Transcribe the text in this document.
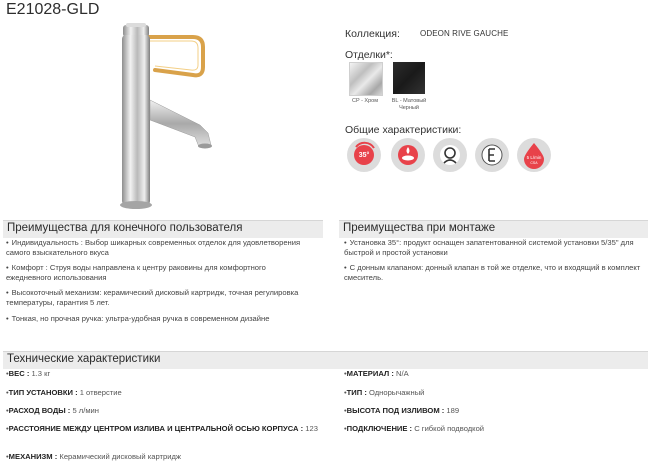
E21028-GLD
Коллекция:	ODEON RIVE GAUCHE
Отделки*:
CP - Хром	BL - Матовый Черный
Общие характеристики:
35°	5 L/min
CSA
Преимущества для конечного пользователя
• Индивидуальность : Выбор шикарных современных отделок для удовлетворения самого взыскательного вкуса
• Комфорт : Струя воды направлена к центру раковины для комфортного ежедневного использования
• Высокоточный механизм: керамический дисковый картридж, точная регулировка температуры, гарантия 5 лет.
• Тонкая, но прочная ручка: ультра-удобная ручка в современном дизайне
Преимущества при монтаже
• Установка 35°: продукт оснащен запатентованной системой установки 5/35" для быстрой и простой установки
• С донным клапаном: донный клапан в той же отделке, что и входящий в комплект смеситель.
Технические характеристики
• ВЕС : 1.3 кг
• ТИП УСТАНОВКИ : 1 отверстие
• РАСХОД ВОДЫ : 5 л/мин
• РАССТОЯНИЕ МЕЖДУ ЦЕНТРОМ ИЗЛИВА И ЦЕНТРАЛЬНОЙ ОСЬЮ КОРПУСА : 123
• МЕХАНИЗМ : Керамический дисковый картридж
• МАТЕРИАЛ : N/A
• ТИП : Однорычажный
• ВЫСОТА ПОД ИЗЛИВОМ : 189
• ПОДКЛЮЧЕНИЕ : С гибкой подводкой
